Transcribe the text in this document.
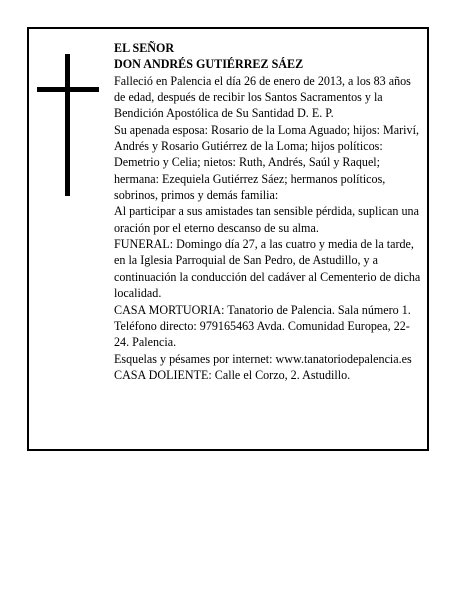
EL SEÑOR

DON ANDRÉS GUTIÉRREZ SÁEZ

Falleció en Palencia el día 26 de enero de 2013, a los 83 años de edad, después de recibir los Santos Sacramentos y la Bendición Apostólica de Su Santidad D. E. P.

Su apenada esposa: Rosario de la Loma Aguado; hijos: Mariví, Andrés y Rosario Gutiérrez de la Loma; hijos políticos: Demetrio y Celia; nietos: Ruth, Andrés, Saúl y Raquel; hermana: Ezequiela Gutiérrez Sáez; hermanos políticos, sobrinos, primos y demás familia:

Al participar a sus amistades tan sensible pérdida, suplican una oración por el eterno descanso de su alma.

FUNERAL: Domingo día 27, a las cuatro y media de la tarde, en la Iglesia Parroquial de San Pedro, de Astudillo, y a continuación la conducción del cadáver al Cementerio de dicha localidad.

CASA MORTUORIA: Tanatorio de Palencia. Sala número 1. Teléfono directo: 979165463 Avda. Comunidad Europea, 22-24. Palencia.

Esquelas y pésames por internet: www.tanatoriodepalencia.es

CASA DOLIENTE: Calle el Corzo, 2. Astudillo.
